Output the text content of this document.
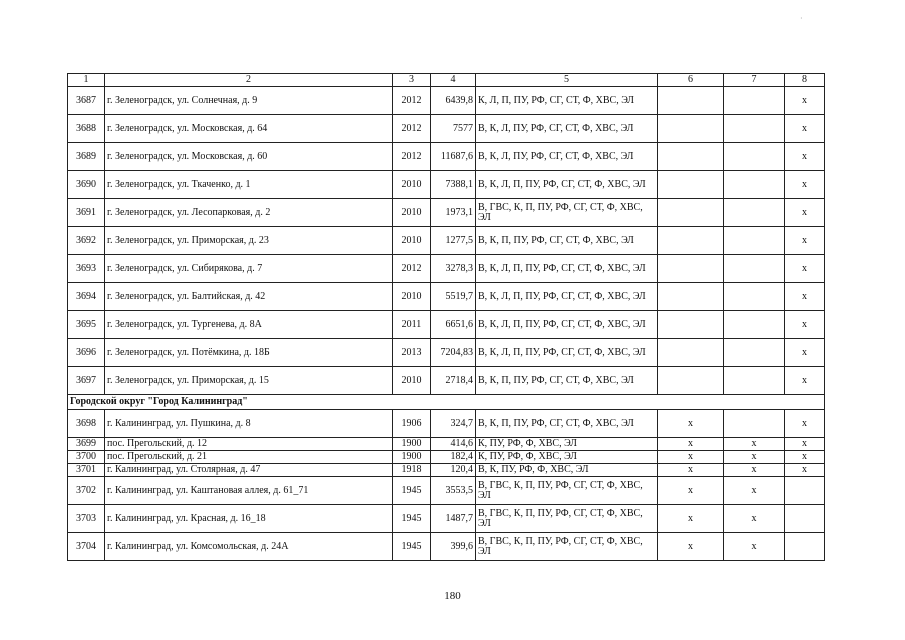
·
1	2	3	4	5	6	7	8
3687	г. Зеленоградск, ул. Солнечная, д. 9	2012	6439,8	К, Л, П, ПУ, РФ, СГ, СТ, Ф, ХВС, ЭЛ			х
3688	г. Зеленоградск, ул. Московская, д. 64	2012	7577	В, К, Л, ПУ, РФ, СГ, СТ, Ф, ХВС, ЭЛ			х
3689	г. Зеленоградск, ул. Московская, д. 60	2012	11687,6	В, К, Л, ПУ, РФ, СГ, СТ, Ф, ХВС, ЭЛ			х
3690	г. Зеленоградск, ул. Ткаченко, д. 1	2010	7388,1	В, К, Л, П, ПУ, РФ, СГ, СТ, Ф, ХВС, ЭЛ			х
3691	г. Зеленоградск, ул. Лесопарковая, д. 2	2010	1973,1	В, ГВС, К, П, ПУ, РФ, СГ, СТ, Ф, ХВС, ЭЛ			х
3692	г. Зеленоградск, ул. Приморская, д. 23	2010	1277,5	В, К, П, ПУ, РФ, СГ, СТ, Ф, ХВС, ЭЛ			х
3693	г. Зеленоградск, ул. Сибирякова, д. 7	2012	3278,3	В, К, Л, П, ПУ, РФ, СГ, СТ, Ф, ХВС, ЭЛ			х
3694	г. Зеленоградск, ул. Балтийская, д. 42	2010	5519,7	В, К, Л, П, ПУ, РФ, СГ, СТ, Ф, ХВС, ЭЛ			х
3695	г. Зеленоградск, ул. Тургенева, д. 8А	2011	6651,6	В, К, Л, П, ПУ, РФ, СГ, СТ, Ф, ХВС, ЭЛ			х
3696	г. Зеленоградск, ул. Потёмкина, д. 18Б	2013	7204,83	В, К, Л, П, ПУ, РФ, СГ, СТ, Ф, ХВС, ЭЛ			х
3697	г. Зеленоградск, ул. Приморская, д. 15	2010	2718,4	В, К, П, ПУ, РФ, СГ, СТ, Ф, ХВС, ЭЛ			х
Городской округ "Город Калининград"							
3698	г. Калининград, ул. Пушкина, д. 8	1906	324,7	В, К, П, ПУ, РФ, СГ, СТ, Ф, ХВС, ЭЛ	х		х
3699	пос. Прегольский, д. 12	1900	414,6	К, ПУ, РФ, Ф, ХВС, ЭЛ	х	х	х
3700	пос. Прегольский, д. 21	1900	182,4	К, ПУ, РФ, Ф, ХВС, ЭЛ	х	х	х
3701	г. Калининград, ул. Столярная, д. 47	1918	120,4	В, К, ПУ, РФ, Ф, ХВС, ЭЛ	х	х	х
3702	г. Калининград, ул. Каштановая аллея, д. 61_71	1945	3553,5	В, ГВС, К, П, ПУ, РФ, СГ, СТ, Ф, ХВС, ЭЛ	х	х	
3703	г. Калининград, ул. Красная, д. 16_18	1945	1487,7	В, ГВС, К, П, ПУ, РФ, СГ, СТ, Ф, ХВС, ЭЛ	х	х	
3704	г. Калининград, ул. Комсомольская, д. 24А	1945	399,6	В, ГВС, К, П, ПУ, РФ, СГ, СТ, Ф, ХВС, ЭЛ	х	х	
180
